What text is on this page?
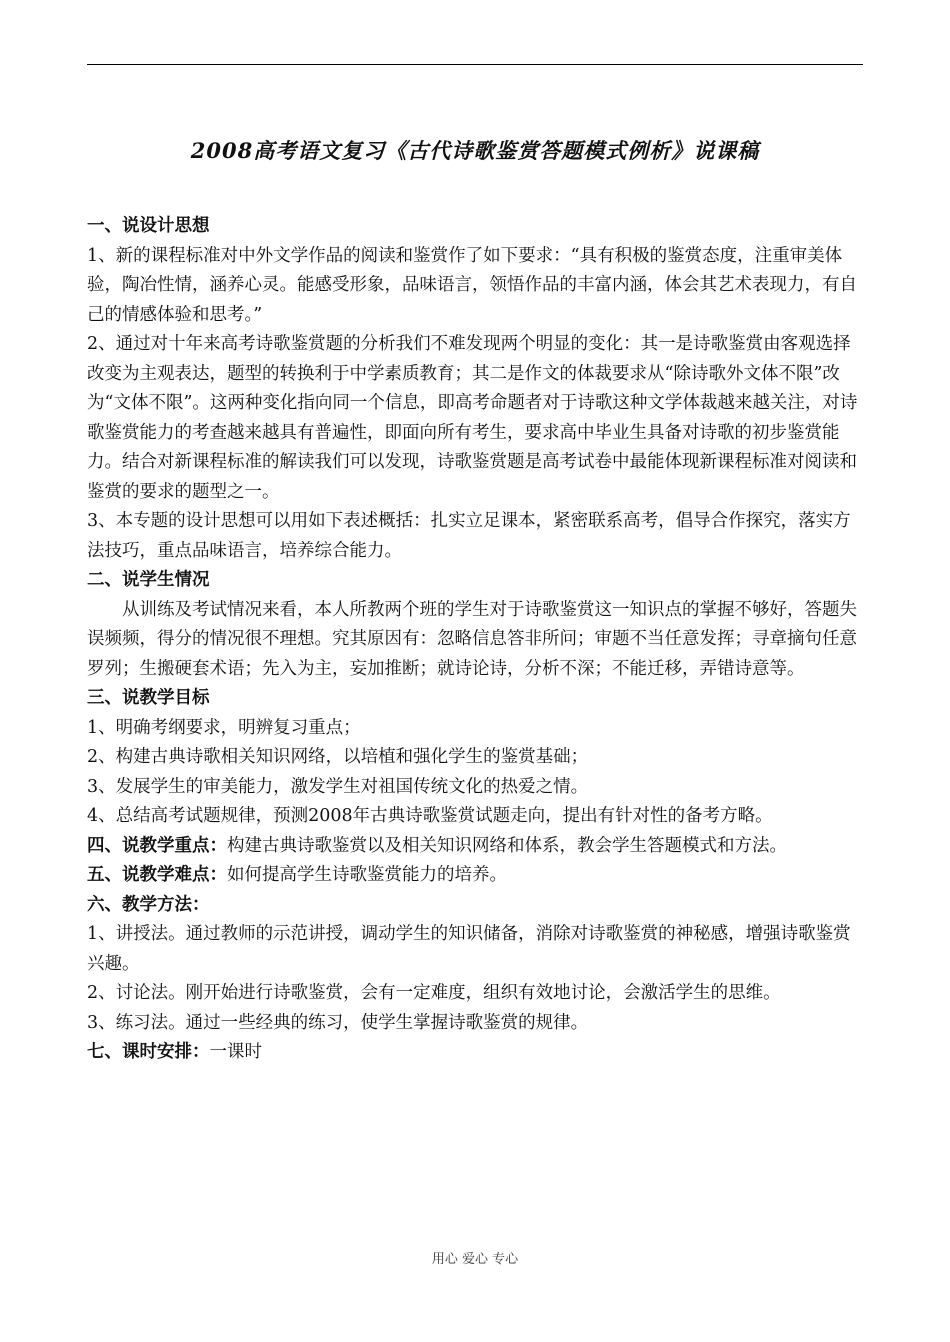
2008高考语文复习《古代诗歌鉴赏答题模式例析》说课稿

一、说设计思想

1、新的课程标准对中外文学作品的阅读和鉴赏作了如下要求：“具有积极的鉴赏态度，注重审美体验，陶冶性情，涵养心灵。能感受形象，品味语言，领悟作品的丰富内涵，体会其艺术表现力，有自己的情感体验和思考。”

2、通过对十年来高考诗歌鉴赏题的分析我们不难发现两个明显的变化：其一是诗歌鉴赏由客观选择改变为主观表达，题型的转换利于中学素质教育；其二是作文的体裁要求从“除诗歌外文体不限”改为“文体不限”。这两种变化指向同一个信息，即高考命题者对于诗歌这种文学体裁越来越关注，对诗歌鉴赏能力的考查越来越具有普遍性，即面向所有考生，要求高中毕业生具备对诗歌的初步鉴赏能力。结合对新课程标准的解读我们可以发现，诗歌鉴赏题是高考试卷中最能体现新课程标准对阅读和鉴赏的要求的题型之一。

3、本专题的设计思想可以用如下表述概括：扎实立足课本，紧密联系高考，倡导合作探究，落实方法技巧，重点品味语言，培养综合能力。

二、说学生情况

从训练及考试情况来看，本人所教两个班的学生对于诗歌鉴赏这一知识点的掌握不够好，答题失误频频，得分的情况很不理想。究其原因有：忽略信息答非所问；审题不当任意发挥；寻章摘句任意罗列；生搬硬套术语；先入为主，妄加推断；就诗论诗，分析不深；不能迁移，弄错诗意等。

三、说教学目标

1、明确考纲要求，明辨复习重点；

2、构建古典诗歌相关知识网络，以培植和强化学生的鉴赏基础；

3、发展学生的审美能力，激发学生对祖国传统文化的热爱之情。

4、总结高考试题规律，预测2008年古典诗歌鉴赏试题走向，提出有针对性的备考方略。

四、说教学重点：构建古典诗歌鉴赏以及相关知识网络和体系，教会学生答题模式和方法。

五、说教学难点：如何提高学生诗歌鉴赏能力的培养。

六、教学方法：

1、讲授法。通过教师的示范讲授，调动学生的知识储备，消除对诗歌鉴赏的神秘感，增强诗歌鉴赏兴趣。

2、讨论法。刚开始进行诗歌鉴赏，会有一定难度，组织有效地讨论，会激活学生的思维。

3、练习法。通过一些经典的练习，使学生掌握诗歌鉴赏的规律。

七、课时安排：一课时

用心 爱心 专心
